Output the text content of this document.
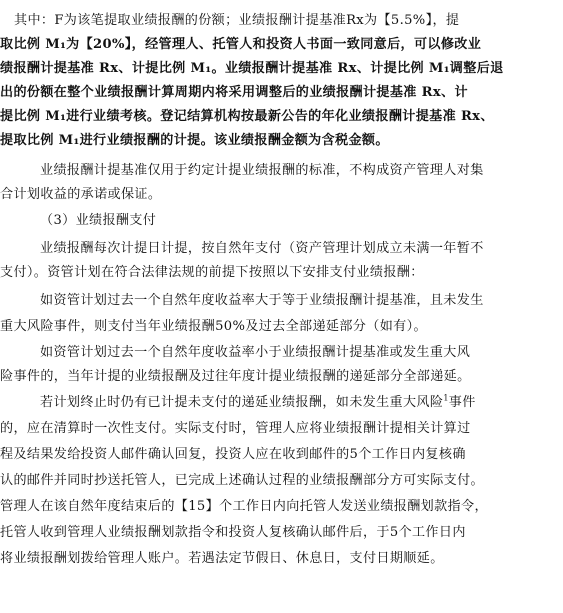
其中：F为该笔提取业绩报酬的份额；业绩报酬计提基准Rx为【5.5%】，提
取比例 M₁为【20%】，经管理人、托管人和投资人书面一致同意后，可以修改业
绩报酬计提基准 Rx、计提比例 M₁。业绩报酬计提基准 Rx、计提比例 M₁调整后退
出的份额在整个业绩报酬计算周期内将采用调整后的业绩报酬计提基准 Rx、计
提比例 M₁进行业绩考核。登记结算机构按最新公告的年化业绩报酬计提基准 Rx、
提取比例 M₁进行业绩报酬的计提。该业绩报酬金额为含税金额。
业绩报酬计提基准仅用于约定计提业绩报酬的标准，不构成资产管理人对集
合计划收益的承诺或保证。
（3）业绩报酬支付
业绩报酬每次计提日计提，按自然年支付（资产管理计划成立未满一年暂不
支付）。资管计划在符合法律法规的前提下按照以下安排支付业绩报酬：
如资管计划过去一个自然年度收益率大于等于业绩报酬计提基准，且未发生
重大风险事件，则支付当年业绩报酬50%及过去全部递延部分（如有）。
如资管计划过去一个自然年度收益率小于业绩报酬计提基准或发生重大风
险事件的，当年计提的业绩报酬及过往年度计提业绩报酬的递延部分全部递延。
若计划终止时仍有已计提未支付的递延业绩报酬，如未发生重大风险$^1$事件
的，应在清算时一次性支付。实际支付时，管理人应将业绩报酬计提相关计算过
程及结果发给投资人邮件确认回复，投资人应在收到邮件的5个工作日内复核确
认的邮件并同时抄送托管人，已完成上述确认过程的业绩报酬部分方可实际支付。
管理人在该自然年度结束后的【15】个工作日内向托管人发送业绩报酬划款指令，
托管人收到管理人业绩报酬划款指令和投资人复核确认邮件后，于5个工作日内
将业绩报酬划拨给管理人账户。若遇法定节假日、休息日，支付日期顺延。
